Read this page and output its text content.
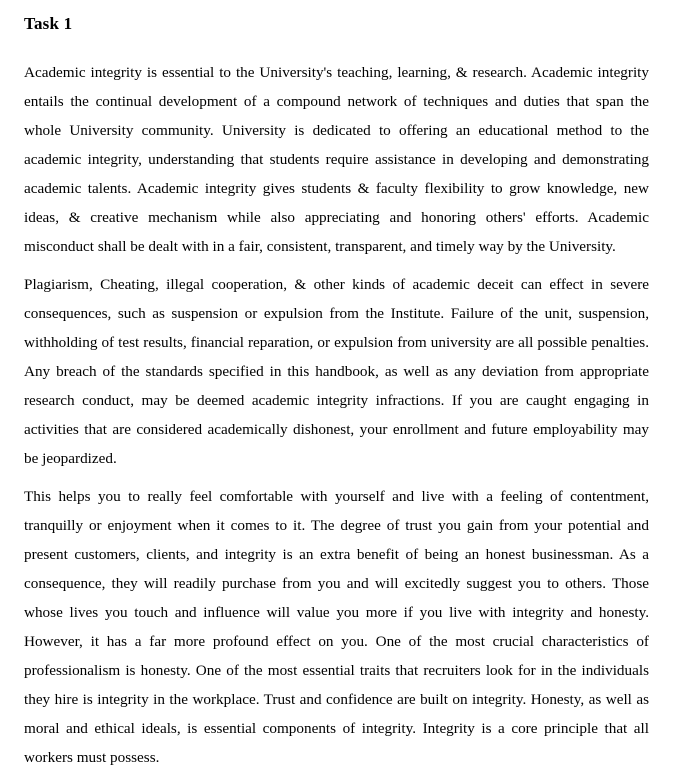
Task 1

Academic integrity is essential to the University's teaching, learning, & research. Academic integrity entails the continual development of a compound network of techniques and duties that span the whole University community. University is dedicated to offering an educational method to the academic integrity, understanding that students require assistance in developing and demonstrating academic talents. Academic integrity gives students & faculty flexibility to grow knowledge, new ideas, & creative mechanism while also appreciating and honoring others' efforts. Academic misconduct shall be dealt with in a fair, consistent, transparent, and timely way by the University.

Plagiarism, Cheating, illegal cooperation, & other kinds of academic deceit can effect in severe consequences, such as suspension or expulsion from the Institute. Failure of the unit, suspension, withholding of test results, financial reparation, or expulsion from university are all possible penalties. Any breach of the standards specified in this handbook, as well as any deviation from appropriate research conduct, may be deemed academic integrity infractions. If you are caught engaging in activities that are considered academically dishonest, your enrollment and future employability may be jeopardized.

This helps you to really feel comfortable with yourself and live with a feeling of contentment, tranquilly or enjoyment when it comes to it. The degree of trust you gain from your potential and present customers, clients, and integrity is an extra benefit of being an honest businessman. As a consequence, they will readily purchase from you and will excitedly suggest you to others. Those whose lives you touch and influence will value you more if you live with integrity and honesty. However, it has a far more profound effect on you. One of the most crucial characteristics of professionalism is honesty. One of the most essential traits that recruiters look for in the individuals they hire is integrity in the workplace. Trust and confidence are built on integrity. Honesty, as well as moral and ethical ideals, is essential components of integrity. Integrity is a core principle that all workers must possess.
